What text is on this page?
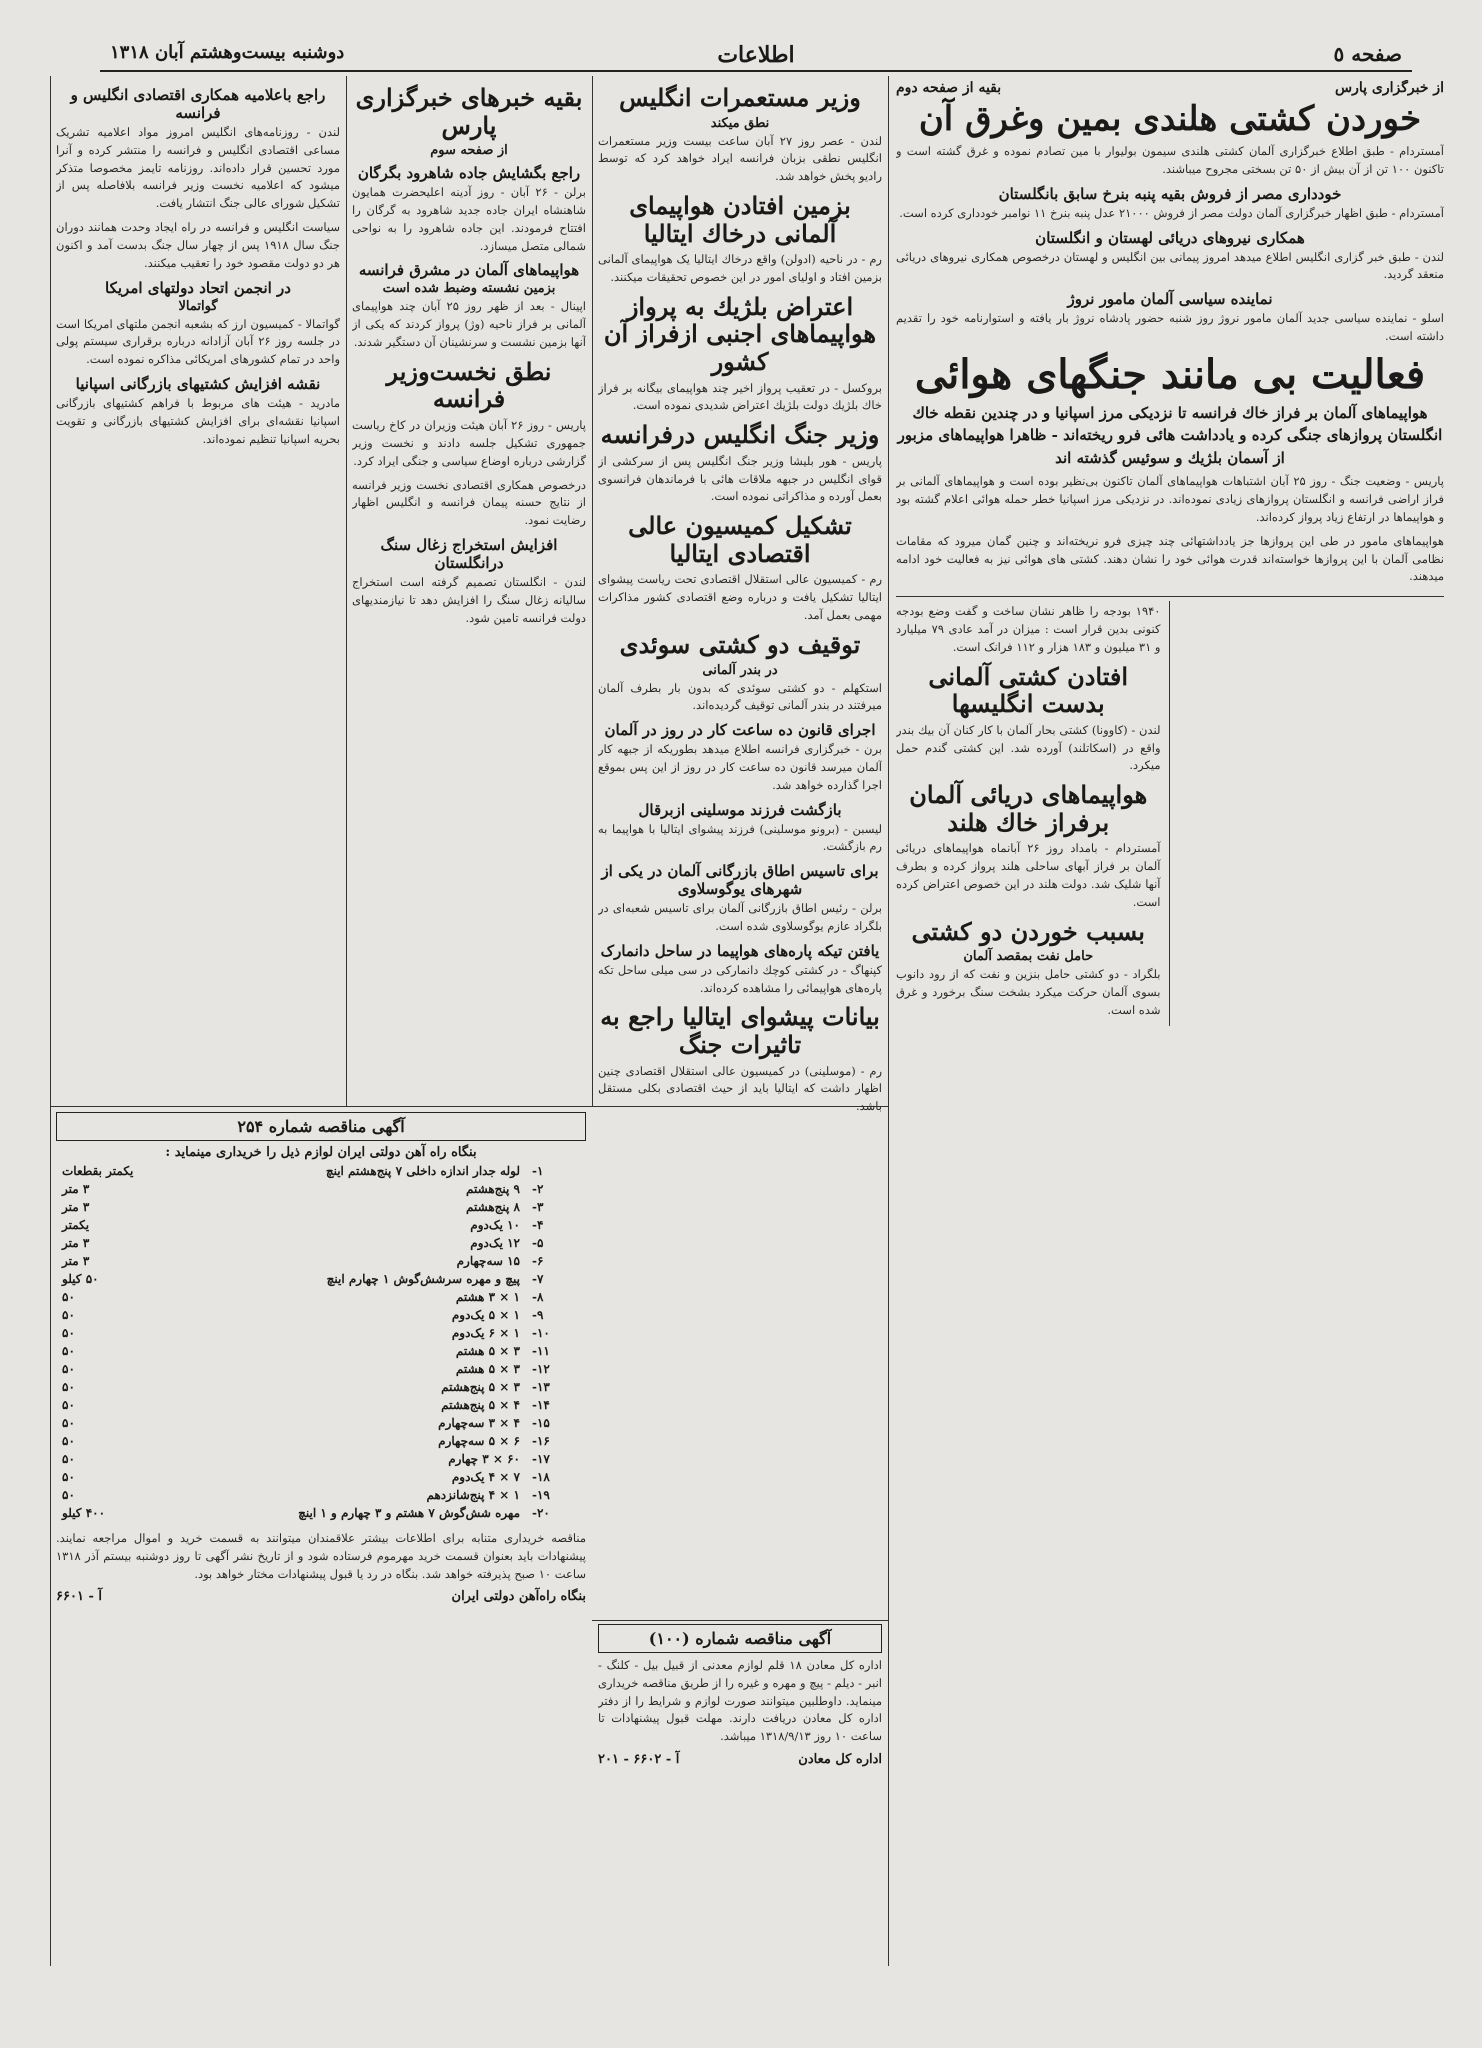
صفحه ٥
اطلاعات
دوشنبه بیست‌وهشتم آبان ۱۳۱۸
از خبرگزاری پارس
بقیه از صفحه دوم
خوردن کشتی هلندی بمین وغرق آن
آمستردام - طبق اطلاع خبرگزاری آلمان کشتی هلندی سیمون بولیوار با مین تصادم نموده و غرق گشته است و تاکنون ۱۰۰ تن از آن بیش از ۵۰ تن بسختی مجروح میباشند.
خودداری مصر از فروش بقیه پنبه بنرخ سابق بانگلستان
آمستردام - طبق اظهار خبرگزاری آلمان دولت مصر از فروش ۲۱۰۰۰ عدل پنبه بنرخ ۱۱ نوامبر خودداری کرده است.
همکاری نیروهای دریائی لهستان و انگلستان
لندن - طبق خبر گزاری انگلیس اطلاع میدهد امروز پیمانی بین انگلیس و لهستان درخصوص همکاری نیروهای دریائی منعقد گردید.
نماینده سیاسی آلمان مامور نروژ
اسلو - نماینده سیاسی جدید آلمان مامور نروژ روز شنبه حضور پادشاه نروژ بار یافته و استوارنامه خود را تقدیم داشته است.
فعالیت بی مانند جنگهای هوائی
هواپیماهای آلمان بر فراز خاك فرانسه تا نزدیکی مرز اسپانیا و در چندین نقطه خاك انگلستان پروازهای جنگی کرده و یادداشت هائی فرو ریخته‌اند - ظاهرا هواپیماهای مزبور از آسمان بلژیك و سوئیس گذشته اند
پاریس - وضعیت جنگ - روز ۲۵ آبان اشتباهات هواپیماهای آلمان تاکنون بی‌نظیر بوده است و هواپیماهای آلمانی بر فراز اراضی فرانسه و انگلستان پروازهای زیادی نموده‌اند. در نزدیکی مرز اسپانیا خطر حمله هوائی اعلام گشته بود و هواپیماها در ارتفاع زیاد پرواز کرده‌اند.
هواپیماهای مامور در طی این پروازها جز یادداشتهائی چند چیزی فرو نریخته‌اند و چنین گمان میرود که مقامات نظامی آلمان با این پروازها خواسته‌اند قدرت هوائی خود را نشان دهند. کشتی های هوائی نیز به فعالیت خود ادامه میدهند.
۱۹۴۰ بودجه را ظاهر نشان ساخت و گفت وضع بودجه کنونی بدین قرار است : میزان در آمد عادی ۷۹ میلیارد و ۳۱ میلیون و ۱۸۳ هزار و ۱۱۲ فرانک است.
افتادن کشتی آلمانی بدست انگلیسها
لندن - (کاوونا) کشتی بحار آلمان با کار کنان آن بیك بندر واقع در (اسکاتلند) آورده شد. این کشتی گندم حمل میکرد.
هواپیماهای دریائی آلمان برفراز خاك هلند
آمستردام - بامداد روز ۲۶ آبانماه هواپیماهای دریائی آلمان بر فراز آبهای ساحلی هلند پرواز کرده و بطرف آنها شلیک شد. دولت هلند در این خصوص اعتراض کرده است.
بسبب خوردن دو کشتی
حامل نفت بمقصد آلمان
بلگراد - دو کشتی حامل بنزین و نفت که از رود دانوب بسوی آلمان حرکت میکرد بشخت سنگ برخورد و غرق شده است.
وزیر مستعمرات انگلیس
نطق میکند
لندن - عصر روز ۲۷ آبان ساعت بیست وزیر مستعمرات انگلیس نطقی بزبان فرانسه ایراد خواهد کرد که توسط رادیو پخش خواهد شد.
بزمین افتادن هواپیمای آلمانی درخاك ایتالیا
رم - در ناحیه (ادولن) واقع درخاك ایتالیا یک هواپیمای آلمانی بزمین افتاد و اولیای امور در این خصوص تحقیقات میکنند.
اعتراض بلژیك به پرواز هواپیماهای اجنبی ازفراز آن کشور
بروکسل - در تعقیب پرواز اخیر چند هواپیمای بیگانه بر فراز خاك بلژیك دولت بلژیك اعتراض شدیدی نموده است.
وزیر جنگ انگلیس درفرانسه
پاریس - هور بلیشا وزیر جنگ انگلیس پس از سرکشی از قوای انگلیس در جبهه ملاقات هائی با فرماندهان فرانسوی بعمل آورده و مذاکراتی نموده است.
تشکیل کمیسیون عالی اقتصادی ایتالیا
رم - کمیسیون عالی استقلال اقتصادی تحت ریاست پیشوای ایتالیا تشکیل یافت و درباره وضع اقتصادی کشور مذاکرات مهمی بعمل آمد.
توقیف دو کشتی سوئدی
در بندر آلمانی
استکهلم - دو کشتی سوئدی که بدون بار بطرف آلمان میرفتند در بندر آلمانی توقیف گردیده‌اند.
اجرای قانون ده ساعت کار در روز در آلمان
برن - خبرگزاری فرانسه اطلاع میدهد بطوریکه از جبهه کار آلمان میرسد قانون ده ساعت کار در روز از این پس بموقع اجرا گذارده خواهد شد.
بازگشت فرزند موسلینی ازبرقال
لیسبن - (برونو موسلینی) فرزند پیشوای ایتالیا با هواپیما به رم بازگشت.
برای تاسیس اطاق بازرگانی آلمان در یکی از شهرهای یوگوسلاوی
برلن - رئیس اطاق بازرگانی آلمان برای تاسیس شعبه‌ای در بلگراد عازم یوگوسلاوی شده است.
یافتن تیکه پاره‌های هواپیما در ساحل دانمارک
کپنهاگ - در کشتی کوچك دانمارکی در سی میلی ساحل تکه پاره‌های هواپیمائی را مشاهده کرده‌اند.
بیانات پیشوای ایتالیا راجع به تاثیرات جنگ
رم - (موسلینی) در کمیسیون عالی استقلال اقتصادی چنین اظهار داشت که ایتالیا باید از حیث اقتصادی بکلی مستقل باشد.
بقیه خبرهای خبرگزاری پارس
از صفحه سوم
راجع بگشایش جاده شاهرود بگرگان
برلن - ۲۶ آبان - روز آدینه اعلیحضرت همایون شاهنشاه ایران جاده جدید شاهرود به گرگان را افتتاح فرمودند. این جاده شاهرود را به نواحی شمالی متصل میسازد.
هواپیماهای آلمان در مشرق فرانسه
بزمین نشسته وضبط شده است
اپینال - بعد از ظهر روز ۲۵ آبان چند هواپیمای آلمانی بر فراز ناحیه (وژ) پرواز کردند که یکی از آنها بزمین نشست و سرنشینان آن دستگیر شدند.
نطق نخست‌وزیر فرانسه
پاریس - روز ۲۶ آبان هیئت وزیران در کاخ ریاست جمهوری تشکیل جلسه دادند و نخست وزیر گزارشی درباره اوضاع سیاسی و جنگی ایراد کرد.
درخصوص همکاری اقتصادی نخست وزیر فرانسه از نتایج حسنه پیمان فرانسه و انگلیس اظهار رضایت نمود.
افزایش استخراج زغال سنگ درانگلستان
لندن - انگلستان تصمیم گرفته است استخراج سالیانه زغال سنگ را افزایش دهد تا نیازمندیهای دولت فرانسه تامین شود.
راجع باعلامیه همکاری اقتصادی انگلیس و فرانسه
لندن - روزنامه‌های انگلیس امروز مواد اعلامیه تشریک مساعی اقتصادی انگلیس و فرانسه را منتشر کرده و آنرا مورد تحسین قرار داده‌اند. روزنامه تایمز مخصوصا متذکر میشود که اعلامیه نخست وزیر فرانسه بلافاصله پس از تشکیل شورای عالی جنگ انتشار یافت.
سیاست انگلیس و فرانسه در راه ایجاد وحدت همانند دوران جنگ سال ۱۹۱۸ پس از چهار سال جنگ بدست آمد و اکنون هر دو دولت مقصود خود را تعقیب میکنند.
در انجمن اتحاد دولتهای امریکا
گواتمالا
گواتمالا - کمیسیون ارز که بشعبه انجمن ملتهای امریکا است در جلسه روز ۲۶ آبان آزادانه درباره برقراری سیستم پولی واحد در تمام کشورهای امریکائی مذاکره نموده است.
نقشه افزایش کشتیهای بازرگانی اسپانیا
مادرید - هیئت های مربوط با فراهم کشتیهای بازرگانی اسپانیا نقشه‌ای برای افزایش کشتیهای بازرگانی و تقویت بحریه اسپانیا تنظیم نموده‌اند.
آگهی مناقصه شماره ۲۵۴
بنگاه راه آهن دولتی ایران لوازم ذیل را خریداری مینماید :
۱-	لوله جدار اندازه داخلی ۷ پنج‌هشتم اینچ	یکمتر بقطعات
۲-	۹ پنج‌هشتم	۳ متر
۳-	۸ پنج‌هشتم	۳ متر
۴-	۱۰ یک‌دوم	یکمتر
۵-	۱۲ یک‌دوم	۳ متر
۶-	۱۵ سه‌چهارم	۳ متر
۷-	پیچ و مهره سرشش‌گوش ۱ چهارم اینچ	۵۰ کیلو
۸-	۱ × ۳ هشتم	۵۰
۹-	۱ × ۵ یک‌دوم	۵۰
۱۰-	۱ × ۶ یک‌دوم	۵۰
۱۱-	۳ × ۵ هشتم	۵۰
۱۲-	۳ × ۵ هشتم	۵۰
۱۳-	۳ × ۵ پنج‌هشتم	۵۰
۱۴-	۴ × ۵ پنج‌هشتم	۵۰
۱۵-	۴ × ۳ سه‌چهارم	۵۰
۱۶-	۶ × ۵ سه‌چهارم	۵۰
۱۷-	۶۰ × ۳ چهارم	۵۰
۱۸-	۷ × ۴ یک‌دوم	۵۰
۱۹-	۱ × ۴ پنج‌شانزدهم	۵۰
۲۰-	مهره شش‌گوش ۷ هشتم و ۳ چهارم و ۱ اینچ	۴۰۰ کیلو
مناقصه خریداری متنابه برای اطلاعات بیشتر علاقمندان میتوانند به قسمت خرید و اموال مراجعه نمایند. پیشنهادات باید بعنوان قسمت خرید مهرموم فرستاده شود و از تاریخ نشر آگهی تا روز دوشنبه بیستم آذر ۱۳۱۸ ساعت ۱۰ صبح پذیرفته خواهد شد. بنگاه در رد یا قبول پیشنهادات مختار خواهد بود.
بنگاه راه‌آهن دولتی ایران
آ - ۶۶۰۱
آگهی مناقصه شماره (۱۰۰)
اداره کل معادن ۱۸ قلم لوازم معدنی از قبیل بیل - کلنگ - انبر - دیلم - پیچ و مهره و غیره را از طریق مناقصه خریداری مینماید. داوطلبین میتوانند صورت لوازم و شرایط را از دفتر اداره کل معادن دریافت دارند. مهلت قبول پیشنهادات تا ساعت ۱۰ روز ۱۳۱۸/۹/۱۳ میباشد.
اداره کل معادن
آ - ۶۶۰۲ - ۲۰۱
